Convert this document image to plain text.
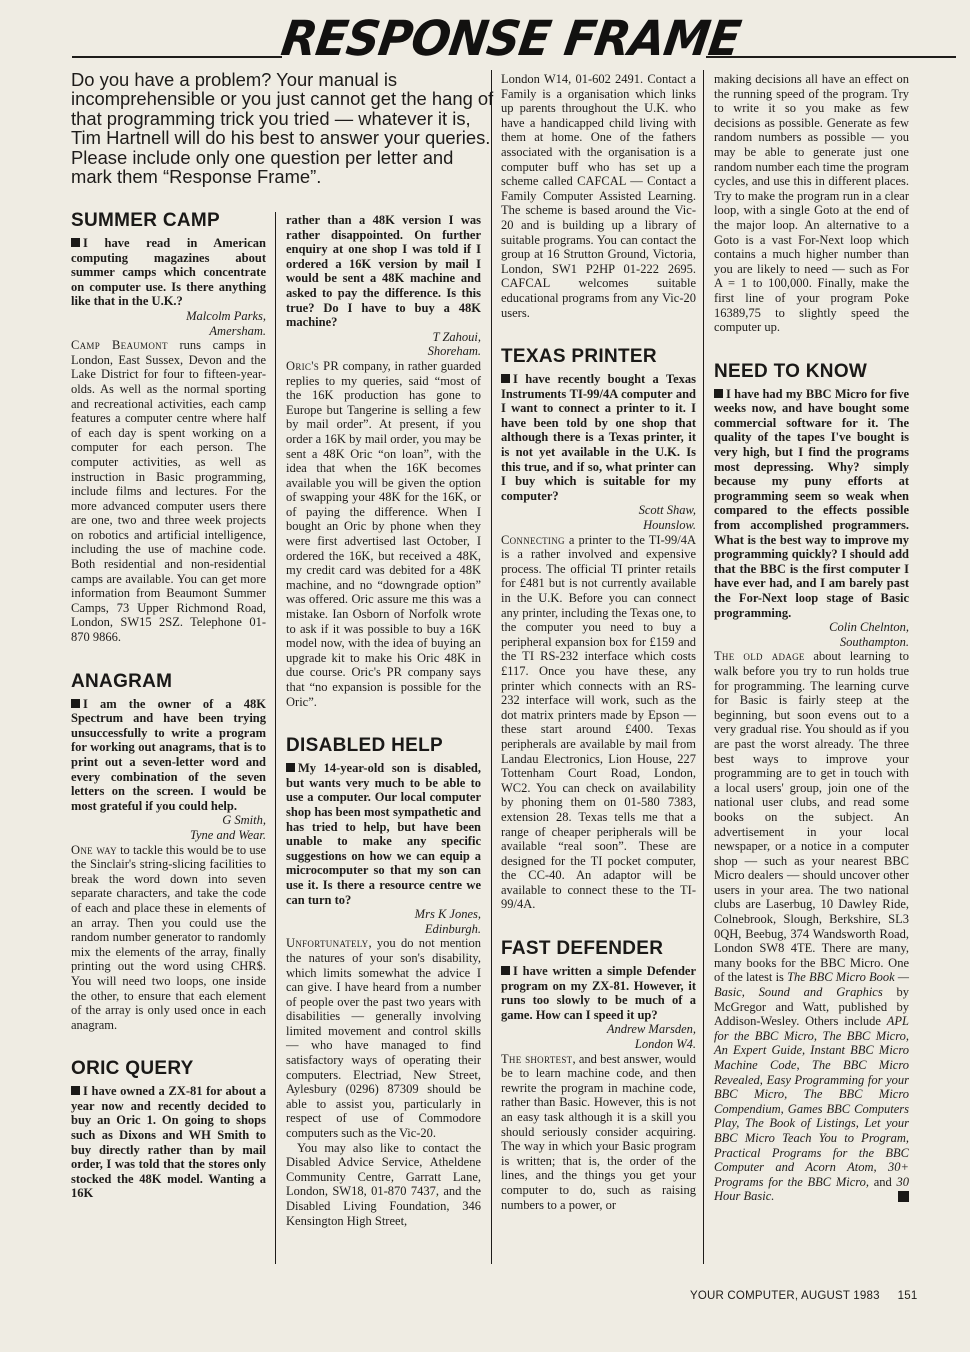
RESPONSE FRAME
Do you have a problem? Your manual is incomprehensible or you just cannot get the hang of that programming trick you tried — whatever it is, Tim Hartnell will do his best to answer your queries. Please include only one question per letter and mark them “Response Frame”.
SUMMER CAMP

I have read in American computing magazines about summer camps which concentrate on computer use. Is there anything like that in the U.K.?

Malcolm Parks,
Amersham.

Camp Beaumont runs camps in London, East Sussex, Devon and the Lake District for four to fifteen-year-olds. As well as the normal sporting and recreational activities, each camp features a computer centre where half of each day is spent working on a computer for each person. The computer activities, as well as instruction in Basic programming, include films and lectures. For the more advanced computer users there are one, two and three week projects on robotics and artificial intelligence, including the use of machine code. Both residential and non-residential camps are available. You can get more information from Beaumont Summer Camps, 73 Upper Richmond Road, London, SW15 2SZ. Telephone 01-870 9866.

ANAGRAM

I am the owner of a 48K Spectrum and have been trying unsuccessfully to write a program for working out anagrams, that is to print out a seven-letter word and every combination of the seven letters on the screen. I would be most grateful if you could help.

G Smith,
Tyne and Wear.

One way to tackle this would be to use the Sinclair's string-slicing facilities to break the word down into seven separate characters, and take the code of each and place these in elements of an array. Then you could use the random number generator to randomly mix the elements of the array, finally printing out the word using CHR$. You will need two loops, one inside the other, to ensure that each element of the array is only used once in each anagram.

ORIC QUERY

I have owned a ZX-81 for about a year now and recently decided to buy an Oric 1. On going to shops such as Dixons and WH Smith to buy directly rather than by mail order, I was told that the stores only stocked the 48K model. Wanting a 16K

rather than a 48K version I was rather disappointed. On further enquiry at one shop I was told if I ordered a 16K version by mail I would be sent a 48K machine and asked to pay the difference. Is this true? Do I have to buy a 48K machine?

T Zahoui,
Shoreham.

Oric's PR company, in rather guarded replies to my queries, said “most of the 16K production has gone to Europe but Tangerine is selling a few by mail order”. At present, if you order a 16K by mail order, you may be sent a 48K Oric “on loan”, with the idea that when the 16K becomes available you will be given the option of swapping your 48K for the 16K, or of paying the difference. When I bought an Oric by phone when they were first advertised last October, I ordered the 16K, but received a 48K, my credit card was debited for a 48K machine, and no “downgrade option” was offered. Oric assure me this was a mistake. Ian Osborn of Norfolk wrote to ask if it was possible to buy a 16K model now, with the idea of buying an upgrade kit to make his Oric 48K in due course. Oric's PR company says that “no expansion is possible for the Oric”.

DISABLED HELP

My 14-year-old son is disabled, but wants very much to be able to use a computer. Our local computer shop has been most sympathetic and has tried to help, but have been unable to make any specific suggestions on how we can equip a microcomputer so that my son can use it. Is there a resource centre we can turn to?

Mrs K Jones,
Edinburgh.

Unfortunately, you do not mention the natures of your son's disability, which limits somewhat the advice I can give. I have heard from a number of people over the past two years with disabilities — generally involving limited movement and control skills — who have managed to find satisfactory ways of operating their computers. Electriad, New Street, Aylesbury (0296) 87309 should be able to assist you, particularly in respect of use of Commodore computers such as the Vic-20.

You may also like to contact the Disabled Advice Service, Atheldene Community Centre, Garratt Lane, London, SW18, 01-870 7437, and the Disabled Living Foundation, 346 Kensington High Street,

London W14, 01-602 2491. Contact a Family is a organisation which links up parents throughout the U.K. who have a handicapped child living with them at home. One of the fathers associated with the organisation is a computer buff who has set up a scheme called CAFCAL — Contact a Family Computer Assisted Learning. The scheme is based around the Vic-20 and is building up a library of suitable programs. You can contact the group at 16 Strutton Ground, Victoria, London, SW1 P2HP 01-222 2695. CAFCAL welcomes suitable educational programs from any Vic-20 users.

TEXAS PRINTER

I have recently bought a Texas Instruments TI-99/4A computer and I want to connect a printer to it. I have been told by one shop that although there is a Texas printer, it is not yet available in the U.K. Is this true, and if so, what printer can I buy which is suitable for my computer?

Scott Shaw,
Hounslow.

Connecting a printer to the TI-99/4A is a rather involved and expensive process. The official TI printer retails for £481 but is not currently available in the U.K. Before you can connect any printer, including the Texas one, to the computer you need to buy a peripheral expansion box for £159 and the TI RS-232 interface which costs £117. Once you have these, any printer which connects with an RS-232 interface will work, such as the dot matrix printers made by Epson — these start around £400. Texas peripherals are available by mail from Landau Electronics, Lion House, 227 Tottenham Court Road, London, WC2. You can check on availability by phoning them on 01-580 7383, extension 28. Texas tells me that a range of cheaper peripherals will be available “real soon”. These are designed for the TI pocket computer, the CC-40. An adaptor will be available to connect these to the TI-99/4A.

FAST DEFENDER

I have written a simple Defender program on my ZX-81. However, it runs too slowly to be much of a game. How can I speed it up?

Andrew Marsden,
London W4.

The shortest, and best answer, would be to learn machine code, and then rewrite the program in machine code, rather than Basic. However, this is not an easy task although it is a skill you should seriously consider acquiring. The way in which your Basic program is written; that is, the order of the lines, and the things you get your computer to do, such as raising numbers to a power, or

making decisions all have an effect on the running speed of the program. Try to write it so you make as few decisions as possible. Generate as few random numbers as possible — you may be able to generate just one random number each time the program cycles, and use this in different places. Try to make the program run in a clear loop, with a single Goto at the end of the major loop. An alternative to a Goto is a vast For-Next loop which contains a much higher number than you are likely to need — such as For A = 1 to 100,000. Finally, make the first line of your program Poke 16389,75 to slightly speed the computer up.

NEED TO KNOW

I have had my BBC Micro for five weeks now, and have bought some commercial software for it. The quality of the tapes I've bought is very high, but I find the programs most depressing. Why? simply because my puny efforts at programming seem so weak when compared to the effects possible from accomplished programmers. What is the best way to improve my programming quickly? I should add that the BBC is the first computer I have ever had, and I am barely past the For-Next loop stage of Basic programming.

Colin Chelnton,
Southampton.

The old adage about learning to walk before you try to run holds true for programming. The learning curve for Basic is fairly steep at the beginning, but soon evens out to a very gradual rise. You should as if you are past the worst already. The three best ways to improve your programming are to get in touch with a local users' group, join one of the national user clubs, and read some books on the subject. An advertisement in your local newspaper, or a notice in a computer shop — such as your nearest BBC Micro dealers — should uncover other users in your area. The two national clubs are Laserbug, 10 Dawley Ride, Colnebrook, Slough, Berkshire, SL3 0QH, Beebug, 374 Wandsworth Road, London SW8 4TE. There are many, many books for the BBC Micro. One of the latest is The BBC Micro Book — Basic, Sound and Graphics by McGregor and Watt, published by Addison-Wesley. Others include APL for the BBC Micro, The BBC Micro, An Expert Guide, Instant BBC Micro Machine Code, The BBC Micro Revealed, Easy Programming for your BBC Micro, The BBC Micro Compendium, Games BBC Computers Play, The Book of Listings, Let your BBC Micro Teach You to Program, Practical Programs for the BBC Computer and Acorn Atom, 30+ Programs for the BBC Micro, and 30 Hour Basic.

YOUR COMPUTER, AUGUST 1983 151
